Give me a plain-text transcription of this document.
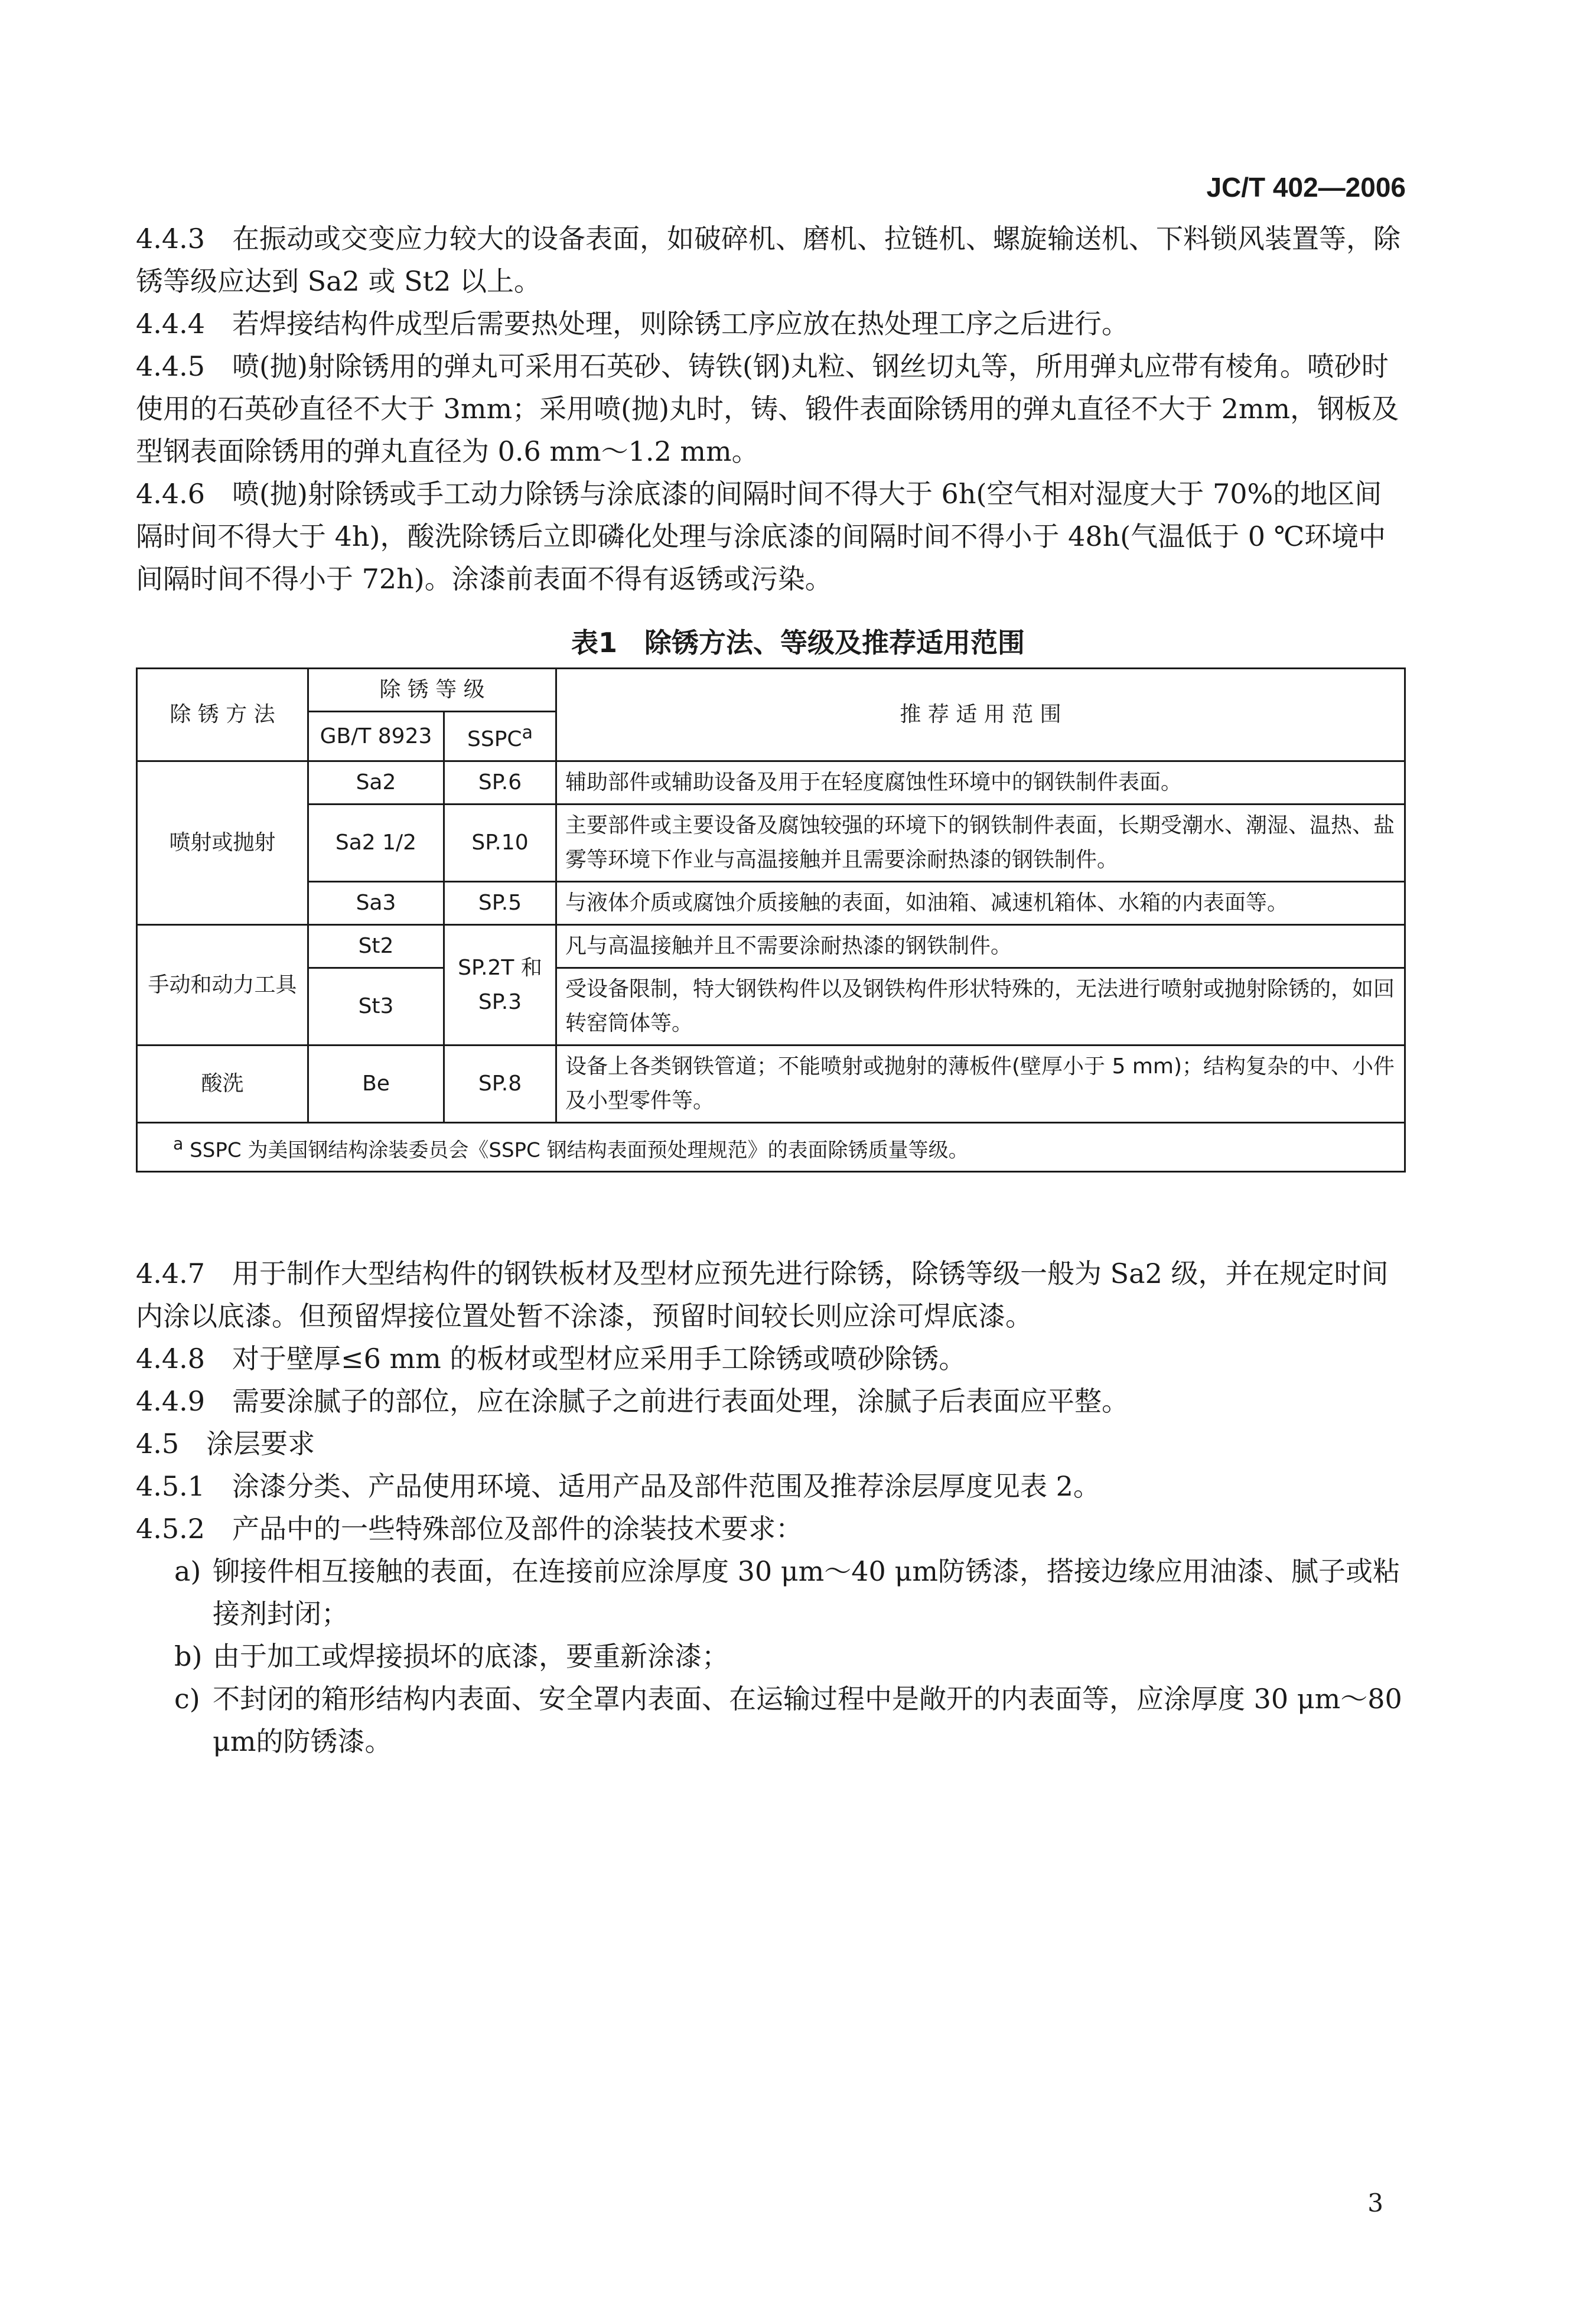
JC/T 402—2006

4.4.3　 在振动或交变应力较大的设备表面，如破碎机、磨机、拉链机、螺旋输送机、下料锁风装置等，除锈等级应达到 Sa2 或 St2 以上。

4.4.4　 若焊接结构件成型后需要热处理，则除锈工序应放在热处理工序之后进行。

4.4.5　 喷(抛)射除锈用的弹丸可采用石英砂、铸铁(钢)丸粒、钢丝切丸等，所用弹丸应带有棱角。喷砂时使用的石英砂直径不大于 3mm；采用喷(抛)丸时，铸、锻件表面除锈用的弹丸直径不大于 2mm，钢板及型钢表面除锈用的弹丸直径为 0.6 mm～1.2 mm。

4.4.6　 喷(抛)射除锈或手工动力除锈与涂底漆的间隔时间不得大于 6h(空气相对湿度大于 70%的地区间隔时间不得大于 4h)，酸洗除锈后立即磷化处理与涂底漆的间隔时间不得小于 48h(气温低于 0 ℃环境中间隔时间不得小于 72h)。涂漆前表面不得有返锈或污染。

表1　除锈方法、等级及推荐适用范围
除 锈 方 法	除 锈 等 级		推 荐 适 用 范 围
	GB/T 8923	SSPC$^a$
喷射或抛射	Sa2	SP.6	辅助部件或辅助设备及用于在轻度腐蚀性环境中的钢铁制件表面。
	Sa2 1/2	SP.10	主要部件或主要设备及腐蚀较强的环境下的钢铁制件表面，长期受潮水、潮湿、温热、盐雾等环境下作业与高温接触并且需要涂耐热漆的钢铁制件。
	Sa3	SP.5	与液体介质或腐蚀介质接触的表面，如油箱、减速机箱体、水箱的内表面等。
手动和动力工具	St2	SP.2T 和 SP.3	凡与高温接触并且不需要涂耐热漆的钢铁制件。
	St3		受设备限制，特大钢铁构件以及钢铁构件形状特殊的，无法进行喷射或抛射除锈的，如回转窑筒体等。
酸洗	Be	SP.8	设备上各类钢铁管道；不能喷射或抛射的薄板件(壁厚小于 5 mm)；结构复杂的中、小件及小型零件等。
$^a$ SSPC 为美国钢结构涂装委员会《SSPC 钢结构表面预处理规范》的表面除锈质量等级。			

4.4.7　 用于制作大型结构件的钢铁板材及型材应预先进行除锈，除锈等级一般为 Sa2 级，并在规定时间内涂以底漆。但预留焊接位置处暂不涂漆，预留时间较长则应涂可焊底漆。

4.4.8　 对于壁厚≤6 mm 的板材或型材应采用手工除锈或喷砂除锈。

4.4.9　 需要涂腻子的部位，应在涂腻子之前进行表面处理，涂腻子后表面应平整。

4.5　 涂层要求

4.5.1　 涂漆分类、产品使用环境、适用产品及部件范围及推荐涂层厚度见表 2。

4.5.2　 产品中的一些特殊部位及部件的涂装技术要求：

a) 铆接件相互接触的表面，在连接前应涂厚度 30 μm～40 μm防锈漆，搭接边缘应用油漆、腻子或粘接剂封闭；

b) 由于加工或焊接损坏的底漆，要重新涂漆；

c) 不封闭的箱形结构内表面、安全罩内表面、在运输过程中是敞开的内表面等，应涂厚度 30 μm～80 μm的防锈漆。

3
